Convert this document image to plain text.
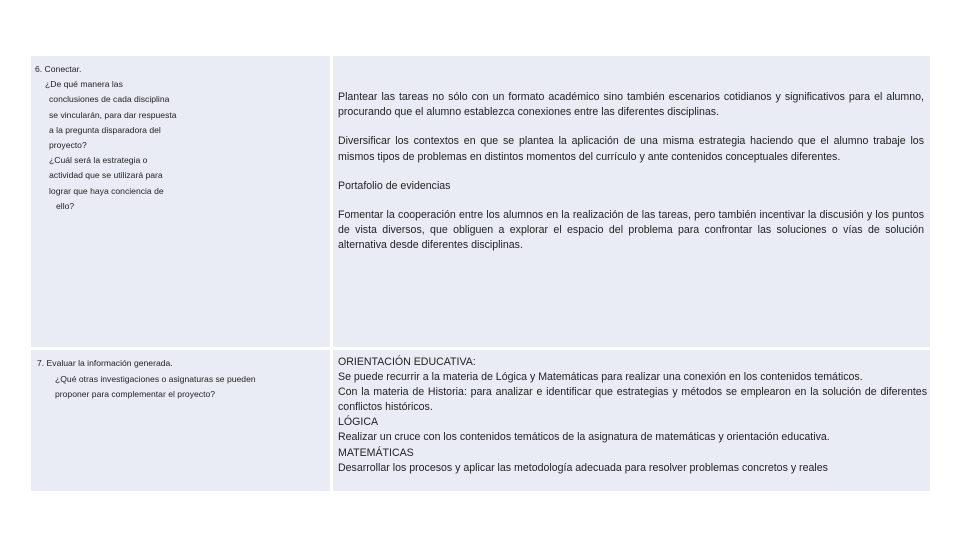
6. Conectar.
¿De qué manera las
conclusiones de cada disciplina
se vincularán, para dar respuesta
a la pregunta disparadora del
proyecto?
¿Cuál será la estrategia o
actividad que se utilizará para
lograr que haya conciencia de
ello?

Plantear las tareas no sólo con un formato académico sino también escenarios cotidianos y significativos para el alumno, procurando que el alumno establezca conexiones entre las diferentes disciplinas.

Diversificar los contextos en que se plantea la aplicación de una misma estrategia haciendo que el alumno trabaje los mismos tipos de problemas en distintos momentos del currículo y ante contenidos conceptuales diferentes.

Portafolio de evidencias

Fomentar la cooperación entre los alumnos en la realización de las tareas, pero también incentivar la discusión y los puntos de vista diversos, que obliguen a explorar el espacio del problema para confrontar las soluciones o vías de solución alternativa desde diferentes disciplinas.

7. Evaluar la información generada.
¿Qué otras investigaciones o asignaturas se pueden
proponer para complementar el proyecto?
ORIENTACIÓN EDUCATIVA:
Se puede recurrir a la materia de Lógica y Matemáticas para realizar una conexión en los contenidos temáticos.
Con la materia de Historia: para analizar e identificar que estrategias y métodos se emplearon en la solución de diferentes conflictos históricos.
LÓGICA
Realizar un cruce con los contenidos temáticos de la asignatura de matemáticas y orientación educativa.
MATEMÁTICAS
Desarrollar los procesos y aplicar las metodología adecuada para resolver problemas concretos y reales
